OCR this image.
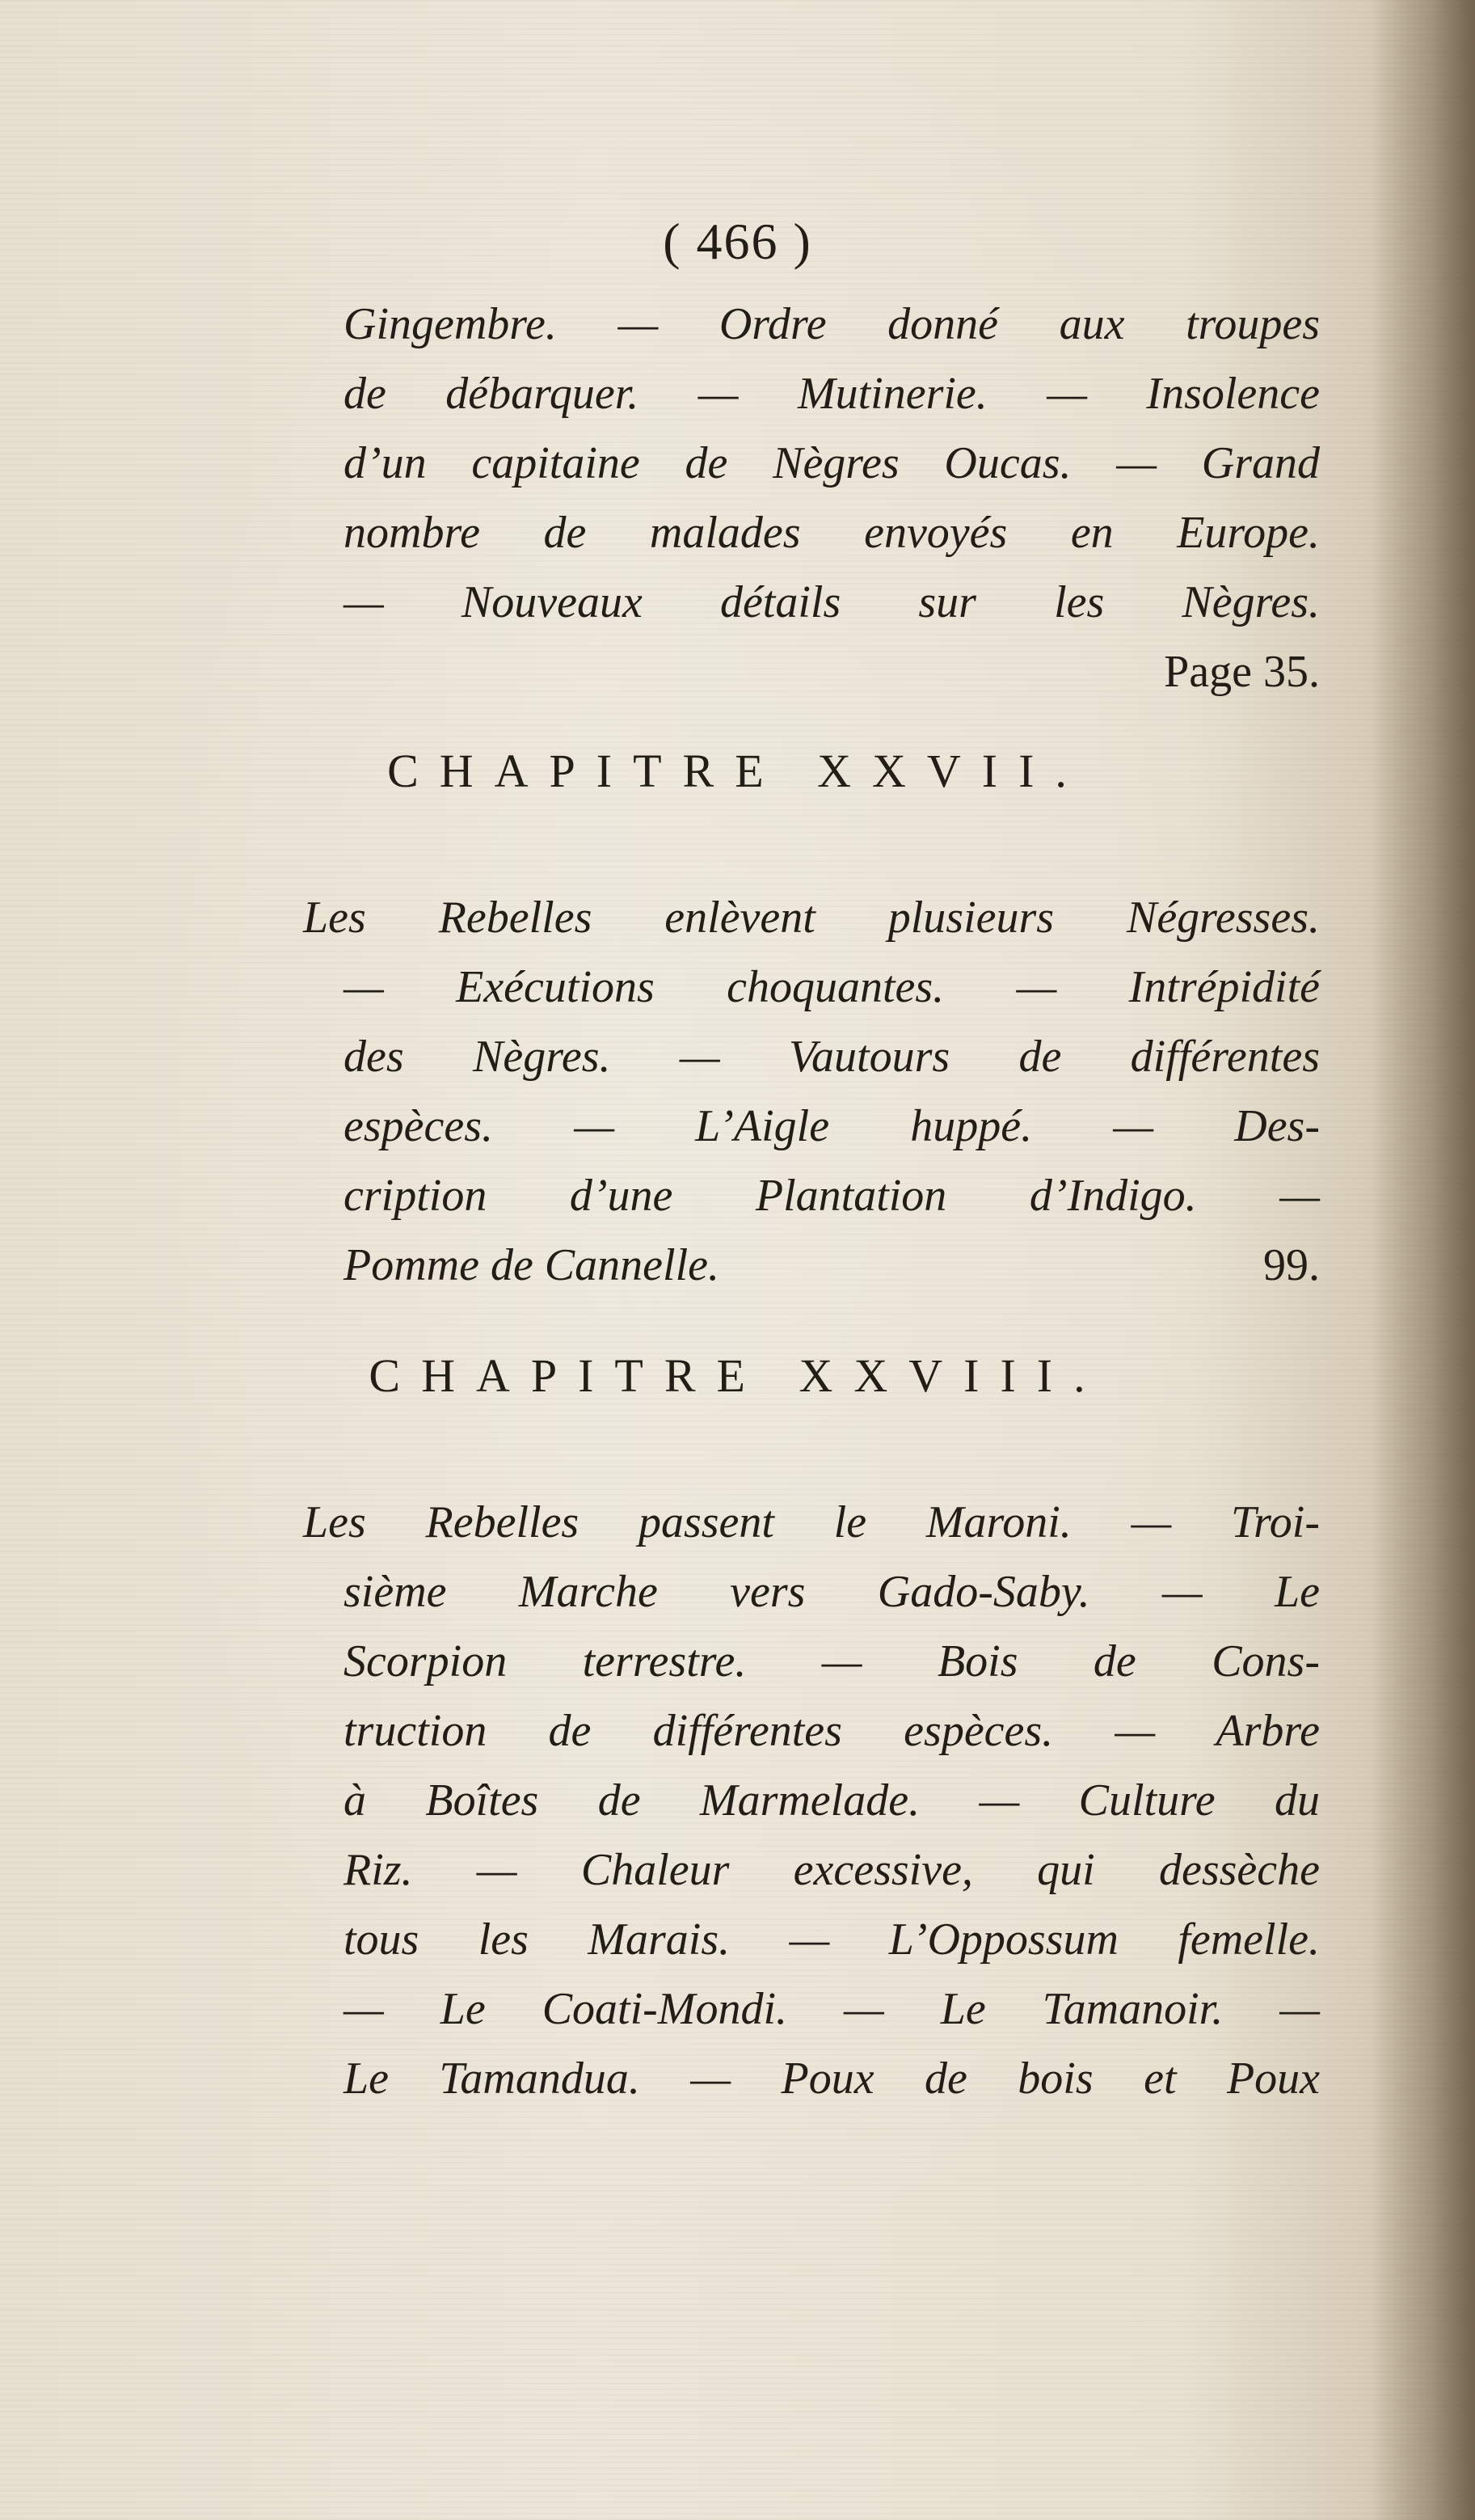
( 466 )
Gingembre. — Ordre donné aux troupes
de débarquer. — Mutinerie. — Insolence
d’un capitaine de Nègres Oucas. — Grand
nombre de malades envoyés en Europe.
— Nouveaux détails sur les Nègres.
Page 35.
CHAPITRE XXVII.
Les Rebelles enlèvent plusieurs Négresses.
— Exécutions choquantes. — Intrépidité
des Nègres. — Vautours de différentes
espèces. — L’Aigle huppé. — Des-
cription d’une Plantation d’Indigo. —
Pomme de Cannelle.	99.
CHAPITRE XXVIII.
Les Rebelles passent le Maroni. — Troi-
sième Marche vers Gado-Saby. — Le
Scorpion terrestre. — Bois de Cons-
truction de différentes espèces. — Arbre
à Boîtes de Marmelade. — Culture du
Riz. — Chaleur excessive, qui dessèche
tous les Marais. — L’Oppossum femelle.
— Le Coati-Mondi. — Le Tamanoir. —
Le Tamandua. — Poux de bois et Poux
